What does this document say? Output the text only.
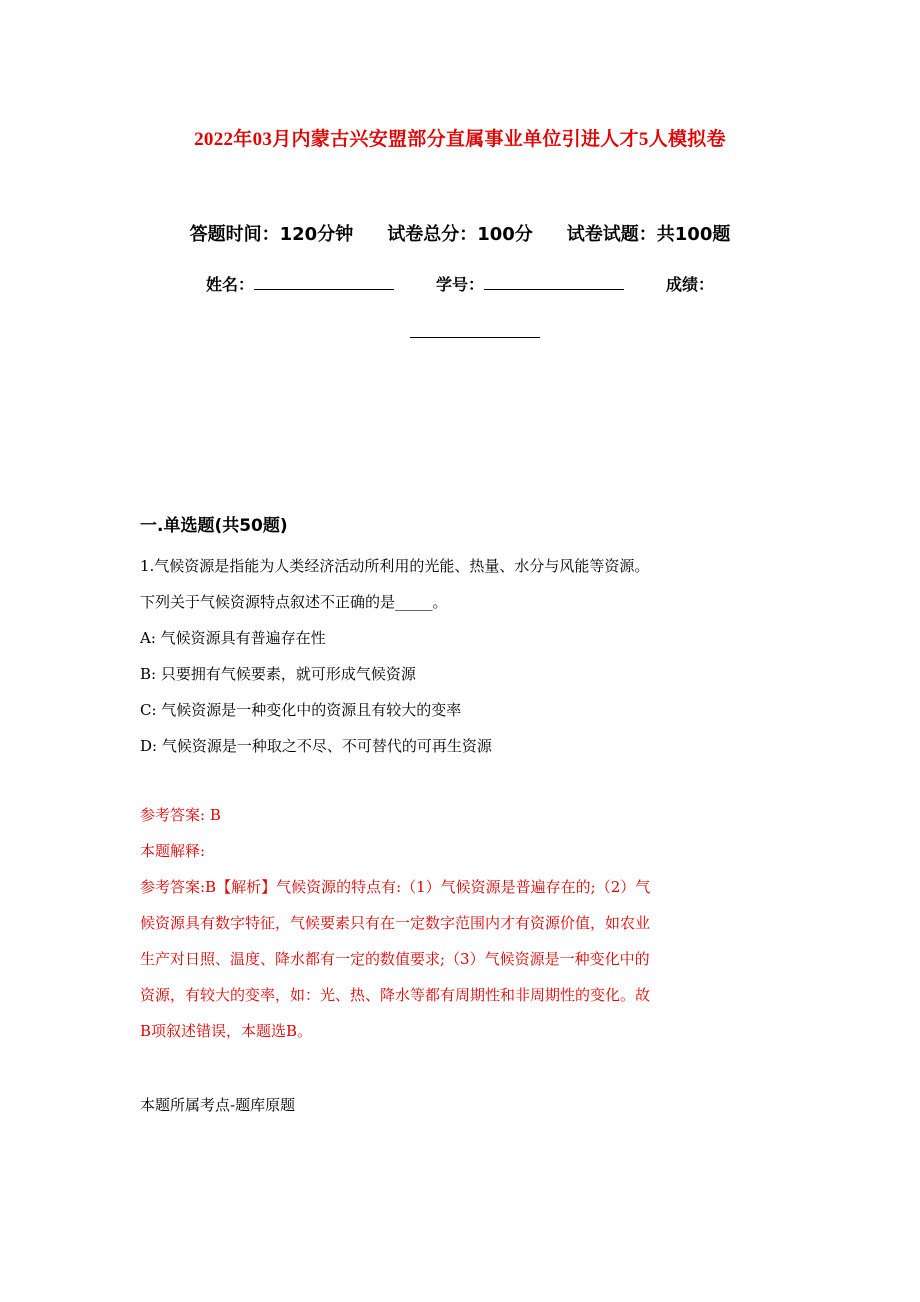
2022年03月内蒙古兴安盟部分直属事业单位引进人才5人模拟卷
答题时间：120分钟 试卷总分：100分 试卷试题：共100题
姓名：	学号：	成绩：
一.单选题(共50题)
1.气候资源是指能为人类经济活动所利用的光能、热量、水分与风能等资源。
下列关于气候资源特点叙述不正确的是_____。
A: 气候资源具有普遍存在性
B: 只要拥有气候要素，就可形成气候资源
C: 气候资源是一种变化中的资源且有较大的变率
D: 气候资源是一种取之不尽、不可替代的可再生资源
参考答案: B
本题解释:
参考答案:B【解析】气候资源的特点有:（1）气候资源是普遍存在的;（2）气
候资源具有数字特征，气候要素只有在一定数字范围内才有资源价值，如农业
生产对日照、温度、降水都有一定的数值要求;（3）气候资源是一种变化中的
资源，有较大的变率，如：光、热、降水等都有周期性和非周期性的变化。故
B项叙述错误，本题选B。
本题所属考点-题库原题
